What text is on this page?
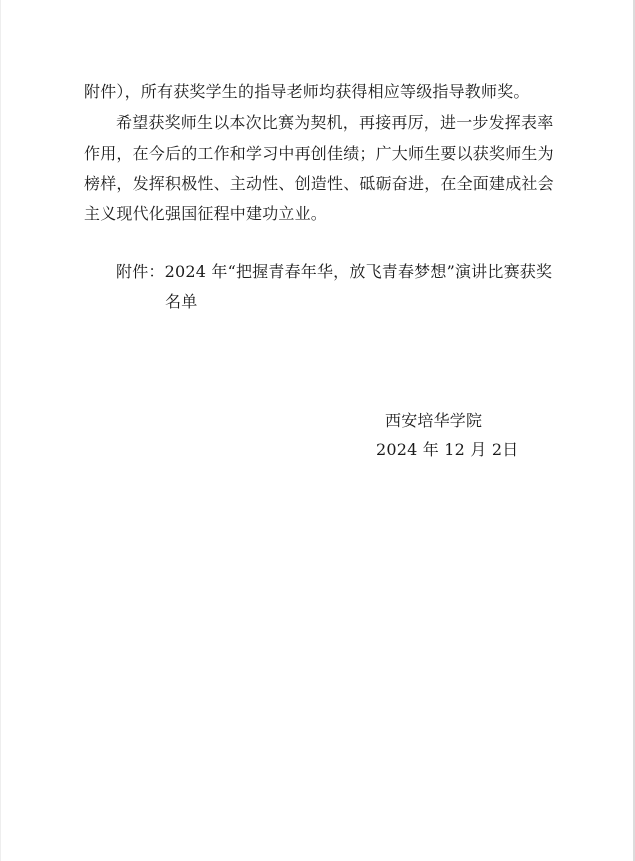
附件），所有获奖学生的指导老师均获得相应等级指导教师奖。
希望获奖师生以本次比赛为契机，再接再厉，进一步发挥表率
作用，在今后的工作和学习中再创佳绩；广大师生要以获奖师生为
榜样，发挥积极性、主动性、创造性、砥砺奋进，在全面建成社会
主义现代化强国征程中建功立业。
附件：2024 年“把握青春年华，放飞青春梦想”演讲比赛获奖
名单
西安培华学院
2024 年 12 月 2日
